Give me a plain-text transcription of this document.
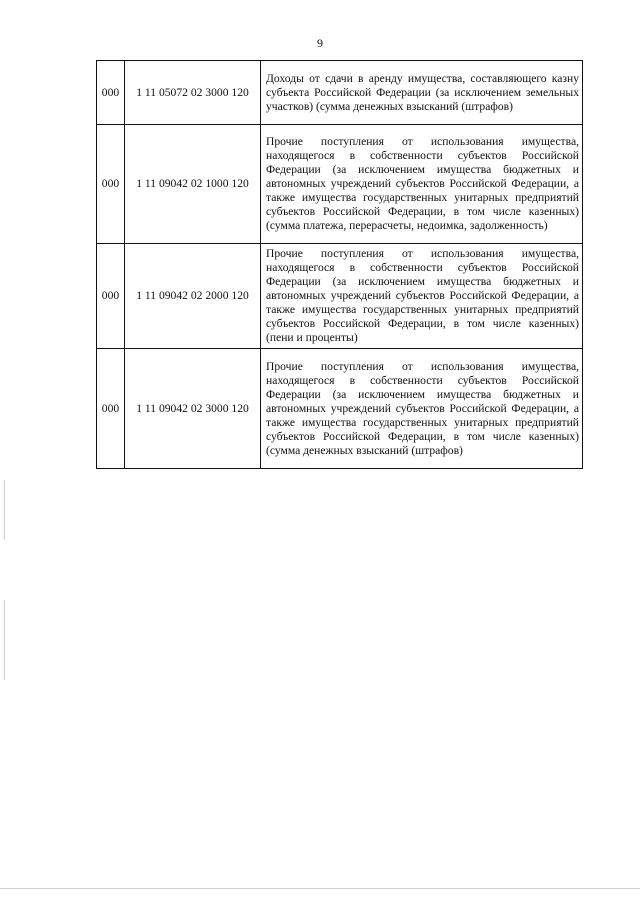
9
000	1 11 05072 02 3000 120	Доходы от сдачи в аренду имущества, составляющего казну субъекта Российской Федерации (за исключением земельных участков) (сумма денежных взысканий (штрафов)
000	1 11 09042 02 1000 120	Прочие поступления от использования имущества, находящегося в собственности субъектов Российской Федерации (за исключением имущества бюджетных и автономных учреждений субъектов Российской Федерации, а также имущества государственных унитарных предприятий субъектов Российской Федерации, в том числе казенных) (сумма платежа, перерасчеты, недоимка, задолженность)
000	1 11 09042 02 2000 120	Прочие поступления от использования имущества, находящегося в собственности субъектов Российской Федерации (за исключением имущества бюджетных и автономных учреждений субъектов Российской Федерации, а также имущества государственных унитарных предприятий субъектов Российской Федерации, в том числе казенных) (пени и проценты)
000	1 11 09042 02 3000 120	Прочие поступления от использования имущества, находящегося в собственности субъектов Российской Федерации (за исключением имущества бюджетных и автономных учреждений субъектов Российской Федерации, а также имущества государственных унитарных предприятий субъектов Российской Федерации, в том числе казенных) (сумма денежных взысканий (штрафов)
